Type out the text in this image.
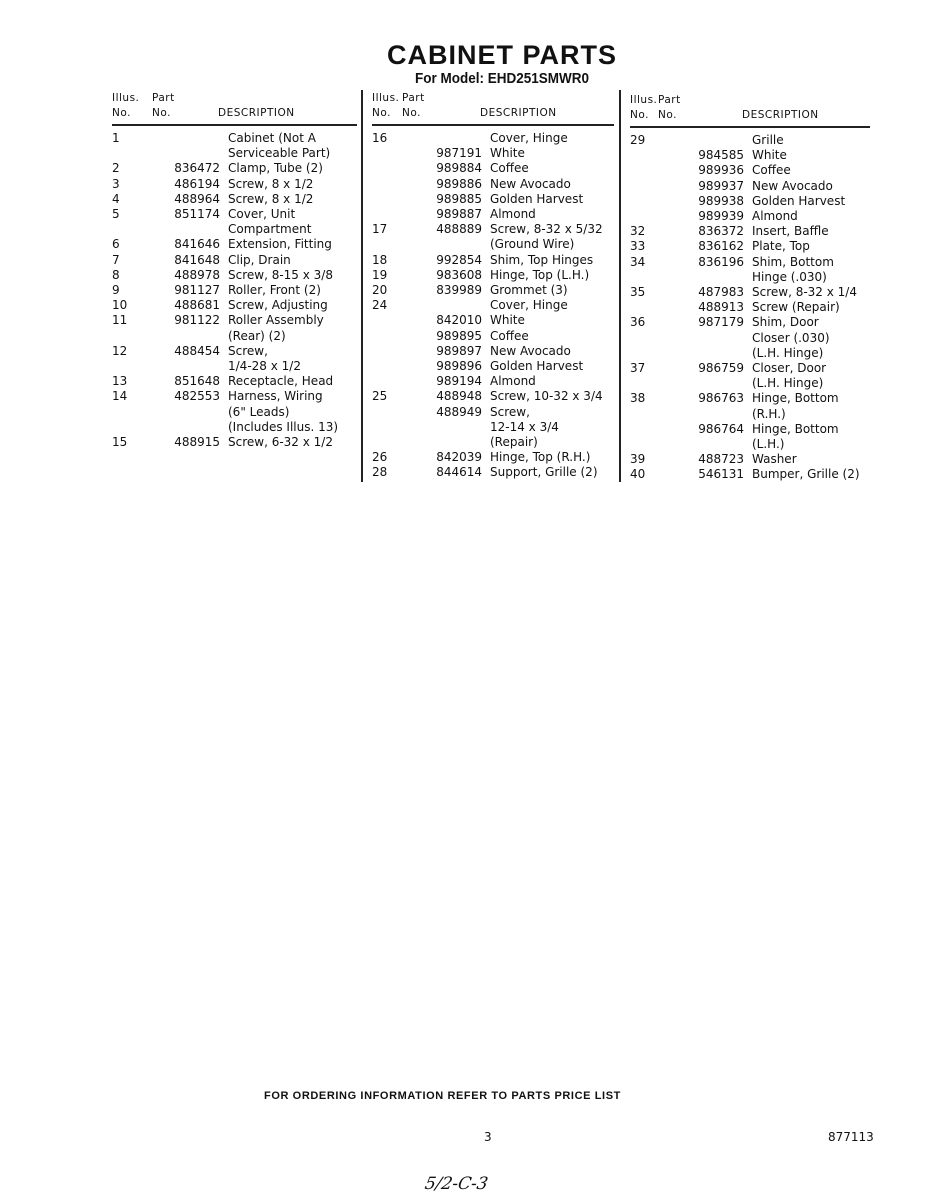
CABINET PARTS
For Model: EHD251SMWR0
Illus. Part
No. No.	DESCRIPTION
1	Cabinet (Not A
Serviceable Part)
2	836472 Clamp, Tube (2)
3	486194 Screw, 8 x 1/2
4	488964 Screw, 8 x 1/2
5	851174 Cover, Unit
Compartment
6	841646 Extension, Fitting
7	841648 Clip, Drain
8	488978 Screw, 8-15 x 3/8
9	981127 Roller, Front (2)
10	488681 Screw, Adjusting
11	981122 Roller Assembly
(Rear) (2)
12	488454 Screw,
1/4-28 x 1/2
13	851648 Receptacle, Head
14	482553 Harness, Wiring
(6" Leads)
(Includes Illus. 13)
15	488915 Screw, 6-32 x 1/2
Illus. Part
No. No.	DESCRIPTION
16	Cover, Hinge
987191 White
989884 Coffee
989886 New Avocado
989885 Golden Harvest
989887 Almond
17	488889 Screw, 8-32 x 5/32
(Ground Wire)
18	992854 Shim, Top Hinges
19	983608 Hinge, Top (L.H.)
20	839989 Grommet (3)
24	Cover, Hinge
842010 White
989895 Coffee
989897 New Avocado
989896 Golden Harvest
989194 Almond
25	488948 Screw, 10-32 x 3/4
488949 Screw,
12-14 x 3/4
(Repair)
26	842039 Hinge, Top (R.H.)
28	844614 Support, Grille (2)
Illus. Part
No. No.	DESCRIPTION
29	Grille
984585 White
989936 Coffee
989937 New Avocado
989938 Golden Harvest
989939 Almond
32	836372 Insert, Baffle
33	836162 Plate, Top
34	836196 Shim, Bottom
Hinge (.030)
35	487983 Screw, 8-32 x 1/4
488913 Screw (Repair)
36	987179 Shim, Door
Closer (.030)
(L.H. Hinge)
37	986759 Closer, Door
(L.H. Hinge)
38	986763 Hinge, Bottom
(R.H.)
986764 Hinge, Bottom
(L.H.)
39	488723 Washer
40	546131 Bumper, Grille (2)
FOR ORDERING INFORMATION REFER TO PARTS PRICE LIST
3	877113
5/2-C-3
